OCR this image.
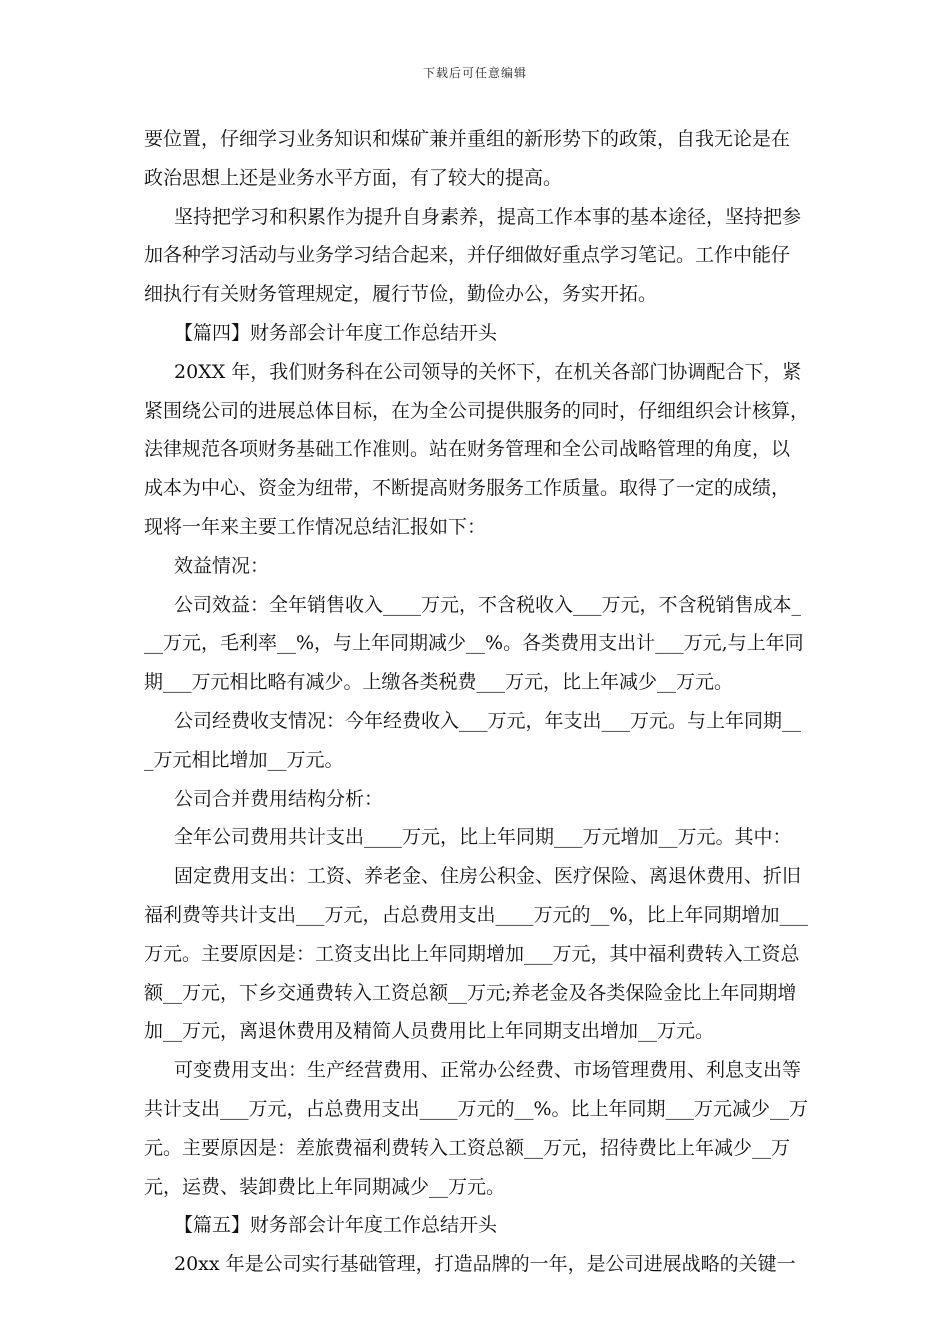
下载后可任意编辑
要位置，仔细学习业务知识和煤矿兼并重组的新形势下的政策，自我无论是在
政治思想上还是业务水平方面，有了较大的提高。
坚持把学习和积累作为提升自身素养，提高工作本事的基本途径，坚持把参
加各种学习活动与业务学习结合起来，并仔细做好重点学习笔记。工作中能仔
细执行有关财务管理规定，履行节俭，勤俭办公，务实开拓。
【篇四】财务部会计年度工作总结开头
20XX 年，我们财务科在公司领导的关怀下，在机关各部门协调配合下，紧
紧围绕公司的进展总体目标，在为全公司提供服务的同时，仔细组织会计核算，
法律规范各项财务基础工作准则。站在财务管理和全公司战略管理的角度，以
成本为中心、资金为纽带，不断提高财务服务工作质量。取得了一定的成绩，
现将一年来主要工作情况总结汇报如下：
效益情况：
公司效益：全年销售收入____万元，不含税收入___万元，不含税销售成本_
__万元，毛利率__%，与上年同期减少__%。各类费用支出计___万元,与上年同
期___万元相比略有减少。上缴各类税费___万元，比上年减少__万元。
公司经费收支情况：今年经费收入___万元，年支出___万元。与上年同期__
_万元相比增加__万元。
公司合并费用结构分析：
全年公司费用共计支出____万元，比上年同期___万元增加__万元。其中：
固定费用支出：工资、养老金、住房公积金、医疗保险、离退休费用、折旧
福利费等共计支出___万元，占总费用支出____万元的__%，比上年同期增加___
万元。主要原因是：工资支出比上年同期增加___万元，其中福利费转入工资总
额__万元，下乡交通费转入工资总额__万元;养老金及各类保险金比上年同期增
加__万元，离退休费用及精简人员费用比上年同期支出增加__万元。
可变费用支出：生产经营费用、正常办公经费、市场管理费用、利息支出等
共计支出___万元，占总费用支出____万元的__%。比上年同期___万元减少__万
元。主要原因是：差旅费福利费转入工资总额__万元，招待费比上年减少__万
元，运费、装卸费比上年同期减少__万元。
【篇五】财务部会计年度工作总结开头
20xx 年是公司实行基础管理，打造品牌的一年，是公司进展战略的关键一
